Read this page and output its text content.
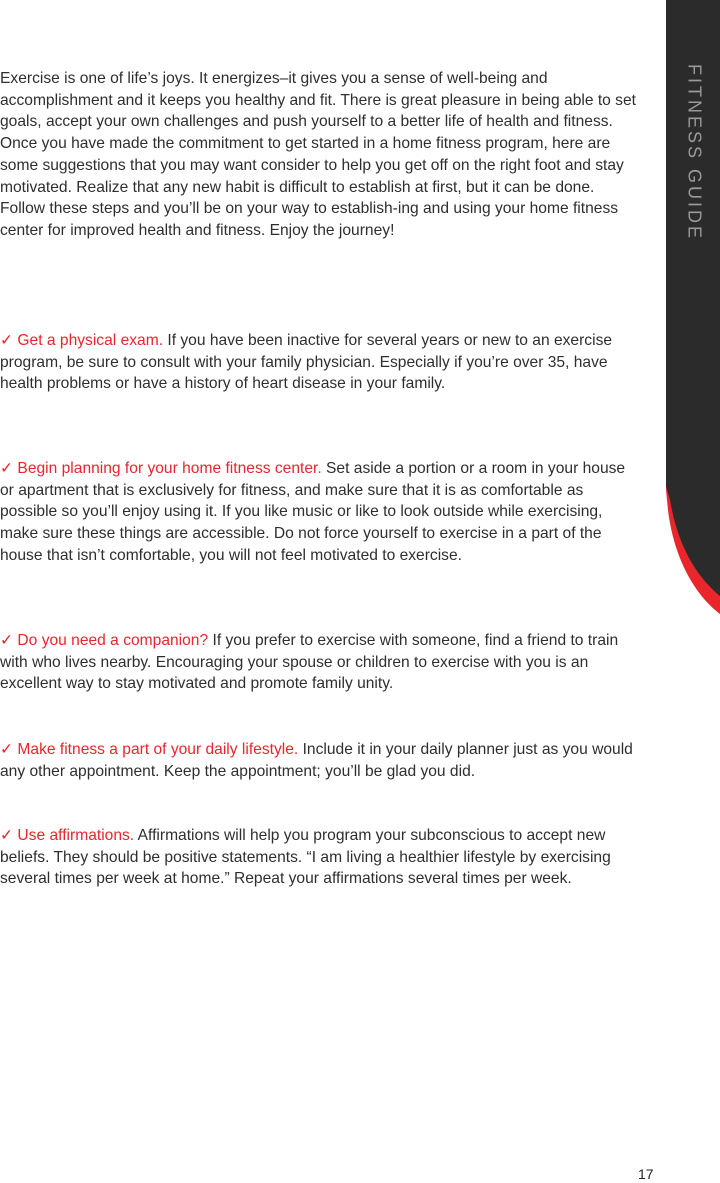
FITNESS GUIDE

Exercise is one of life’s joys. It energizes–it gives you a sense of well-being and accomplishment and it keeps you healthy and fit. There is great pleasure in being able to set goals, accept your own challenges and push yourself to a better life of health and fitness.

Once you have made the commitment to get started in a home fitness program, here are some suggestions that you may want consider to help you get off on the right foot and stay motivated. Realize that any new habit is difficult to establish at first, but it can be done. Follow these steps and you’ll be on your way to establish-ing and using your home fitness center for improved health and fitness. Enjoy the journey!

✓ Get a physical exam. If you have been inactive for several years or new to an exercise program, be sure to consult with your family physician. Especially if you’re over 35, have health problems or have a history of heart disease in your family.

✓ Begin planning for your home fitness center. Set aside a portion or a room in your house or apartment that is exclusively for fitness, and make sure that it is as comfortable as possible so you’ll enjoy using it. If you like music or like to look outside while exercising, make sure these things are accessible. Do not force yourself to exercise in a part of the house that isn’t comfortable, you will not feel motivated to exercise.

✓ Do you need a companion? If you prefer to exercise with someone, find a friend to train with who lives nearby. Encouraging your spouse or children to exercise with you is an excellent way to stay motivated and promote family unity.

✓ Make fitness a part of your daily lifestyle. Include it in your daily planner just as you would any other appointment. Keep the appointment; you’ll be glad you did.

✓ Use affirmations. Affirmations will help you program your subconscious to accept new beliefs. They should be positive statements. “I am living a healthier lifestyle by exercising several times per week at home.” Repeat your affirmations several times per week.

17
